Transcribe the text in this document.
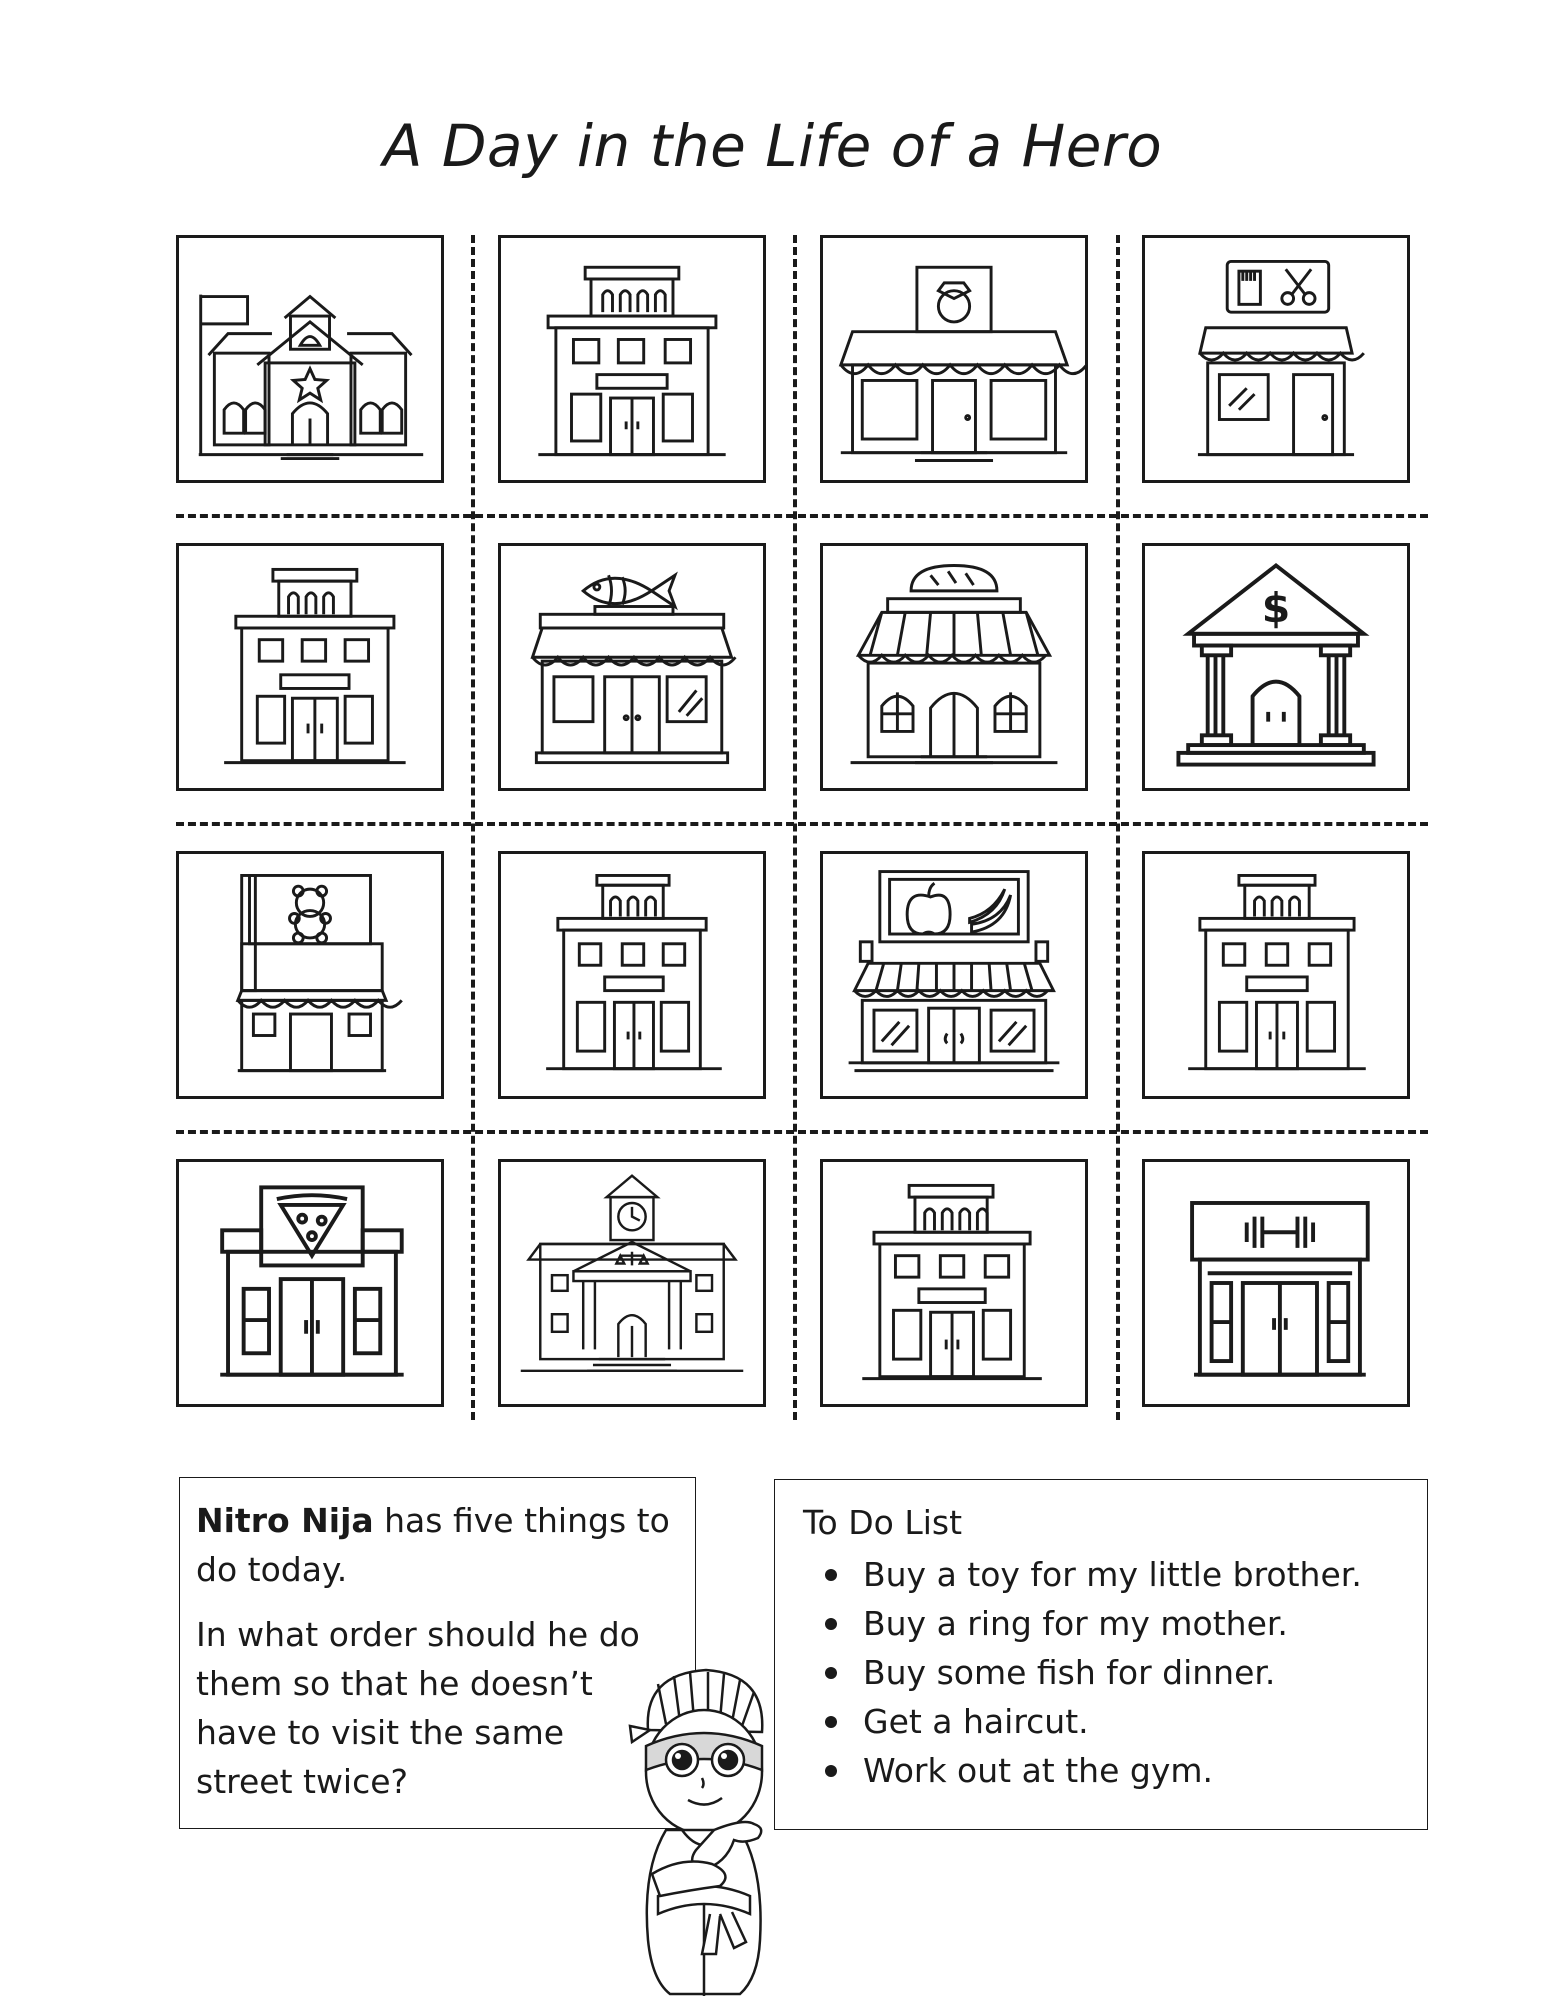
A Day in the Life of a Hero
$

Nitro Nija has five things to do today.

In what order should he do them so that he doesn’t have to visit the same street twice?

To Do List
Buy a toy for my little brother.
Buy a ring for my mother.
Buy some fish for dinner.
Get a haircut.
Work out at the gym.
